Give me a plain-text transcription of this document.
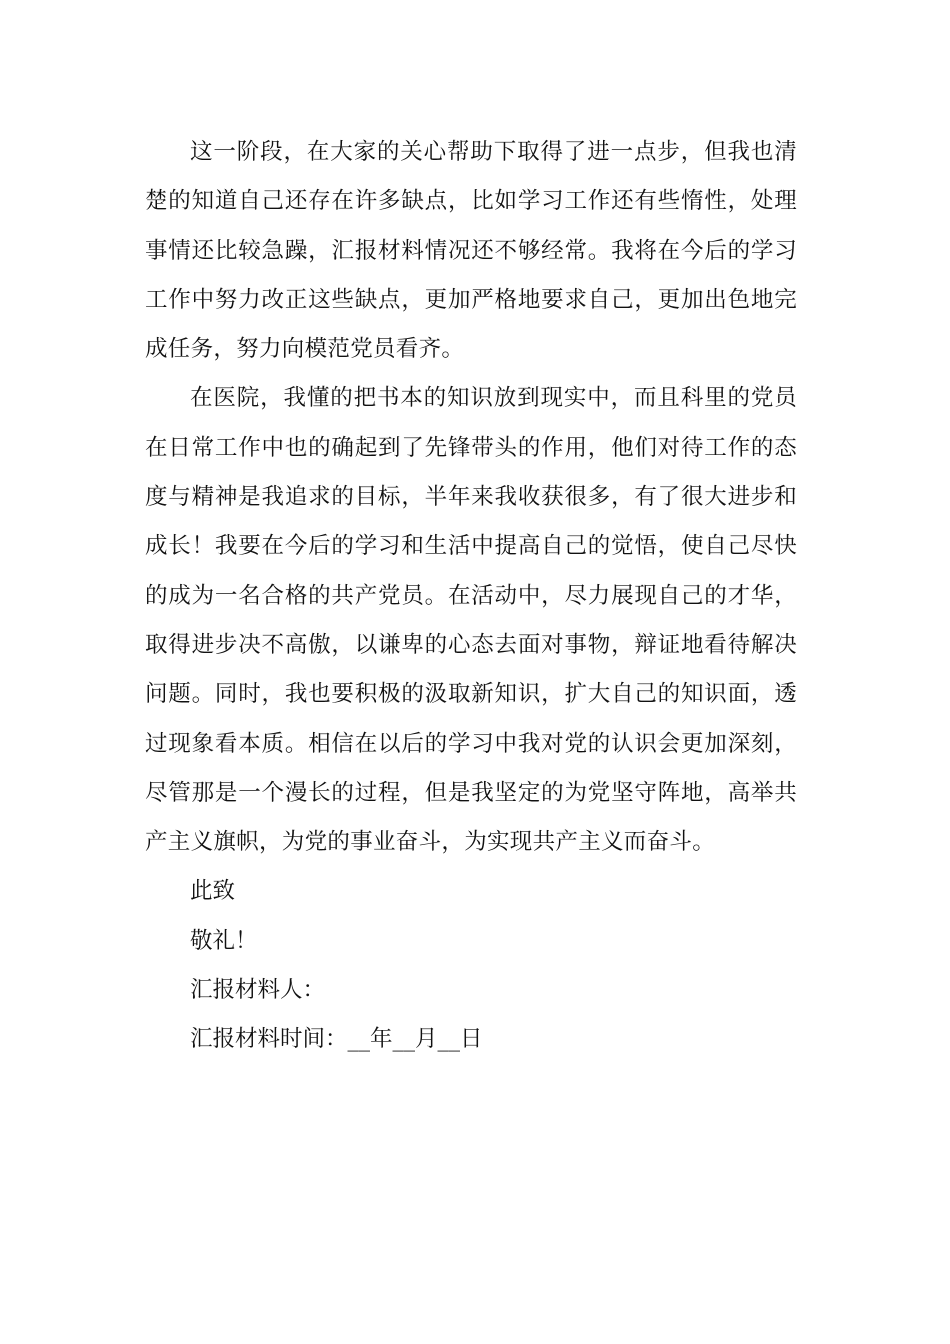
这一阶段，在大家的关心帮助下取得了进一点步，但我也清楚的知道自己还存在许多缺点，比如学习工作还有些惰性，处理事情还比较急躁，汇报材料情况还不够经常。我将在今后的学习工作中努力改正这些缺点，更加严格地要求自己，更加出色地完成任务，努力向模范党员看齐。

在医院，我懂的把书本的知识放到现实中，而且科里的党员在日常工作中也的确起到了先锋带头的作用，他们对待工作的态度与精神是我追求的目标，半年来我收获很多，有了很大进步和成长！我要在今后的学习和生活中提高自己的觉悟，使自己尽快的成为一名合格的共产党员。在活动中，尽力展现自己的才华，取得进步决不高傲，以谦卑的心态去面对事物，辩证地看待解决问题。同时，我也要积极的汲取新知识，扩大自己的知识面，透过现象看本质。相信在以后的学习中我对党的认识会更加深刻，尽管那是一个漫长的过程，但是我坚定的为党坚守阵地，高举共产主义旗帜，为党的事业奋斗，为实现共产主义而奋斗。

此致

敬礼！

汇报材料人：

汇报材料时间：__年__月__日
